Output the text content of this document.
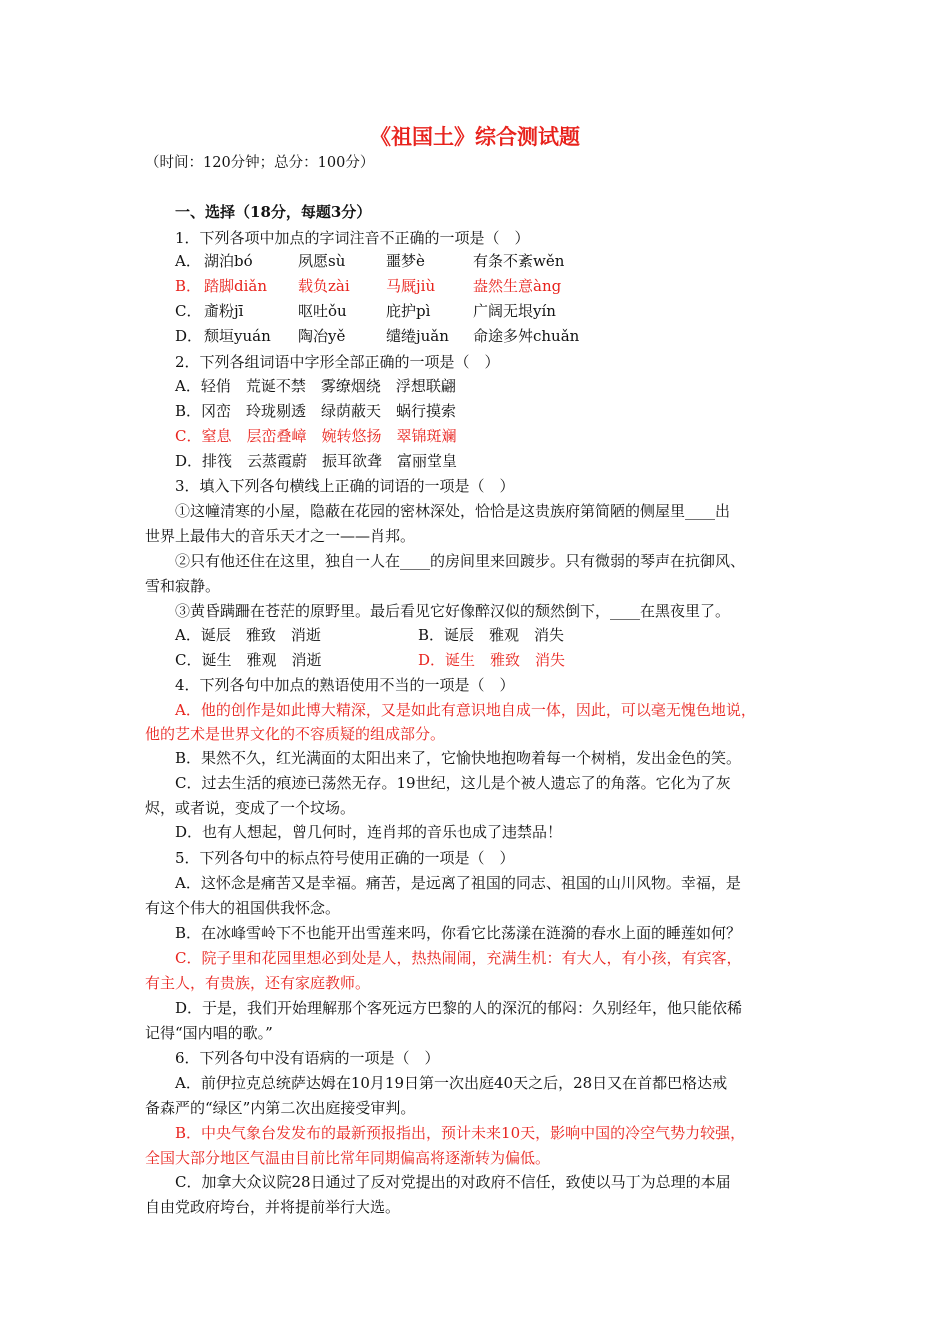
《祖国土》综合测试题
（时间：120分钟；总分：100分）
一、选择（18分，每题3分）
1．下列各项中加点的字词注音不正确的一项是（　）
A． 湖泊bó	夙愿sù	噩梦è	有条不紊wěn
B． 踏脚diǎn 载负zài 马厩jiù	盎然生意àng
C． 齑粉jī	呕吐ǒu	庇护pì	广阔无垠yín
D． 颓垣yuán 陶冶yě	缱绻juǎn 命途多舛chuǎn
2．下列各组词语中字形全部正确的一项是（　）
A．轻俏　荒诞不禁　雾缭烟绕　浮想联翩
B．冈峦　玲珑剔透　绿荫蔽天　蜗行摸索
C．窒息　层峦叠嶂　婉转悠扬　翠锦斑斓
D．排筏　云蒸霞蔚　振耳欲聋　富丽堂皇
3．填入下列各句横线上正确的词语的一项是（　）
①这幢清寒的小屋，隐蔽在花园的密林深处，恰恰是这贵族府第简陋的侧屋里____出
世界上最伟大的音乐天才之一——肖邦。
②只有他还住在这里，独自一人在____的房间里来回踱步。只有微弱的琴声在抗御风、
雪和寂静。
③黄昏蹒跚在苍茫的原野里。最后看见它好像醉汉似的颓然倒下，____在黑夜里了。
A．诞辰　雅致　消逝	B．诞辰　雅观　消失
C．诞生　雅观　消逝	D．诞生　雅致　消失
4．下列各句中加点的熟语使用不当的一项是（　）
A．他的创作是如此博大精深，又是如此有意识地自成一体，因此，可以毫无愧色地说，
他的艺术是世界文化的不容质疑的组成部分。
B．果然不久，红光满面的太阳出来了，它愉快地抱吻着每一个树梢，发出金色的笑。
C．过去生活的痕迹已荡然无存。19世纪，这儿是个被人遗忘了的角落。它化为了灰
烬，或者说，变成了一个坟场。
D．也有人想起，曾几何时，连肖邦的音乐也成了违禁品！
5．下列各句中的标点符号使用正确的一项是（　）
A．这怀念是痛苦又是幸福。痛苦，是远离了祖国的同志、祖国的山川风物。幸福，是
有这个伟大的祖国供我怀念。
B．在冰峰雪岭下不也能开出雪莲来吗，你看它比荡漾在涟漪的春水上面的睡莲如何？
C．院子里和花园里想必到处是人，热热闹闹，充满生机：有大人，有小孩，有宾客，
有主人，有贵族，还有家庭教师。
D．于是，我们开始理解那个客死远方巴黎的人的深沉的郁闷：久别经年，他只能依稀
记得“国内唱的歌。”
6．下列各句中没有语病的一项是（　）
A．前伊拉克总统萨达姆在10月19日第一次出庭40天之后，28日又在首都巴格达戒
备森严的“绿区”内第二次出庭接受审判。
B．中央气象台发发布的最新预报指出，预计未来10天，影响中国的冷空气势力较强，
全国大部分地区气温由目前比常年同期偏高将逐渐转为偏低。
C．加拿大众议院28日通过了反对党提出的对政府不信任，致使以马丁为总理的本届
自由党政府垮台，并将提前举行大选。
